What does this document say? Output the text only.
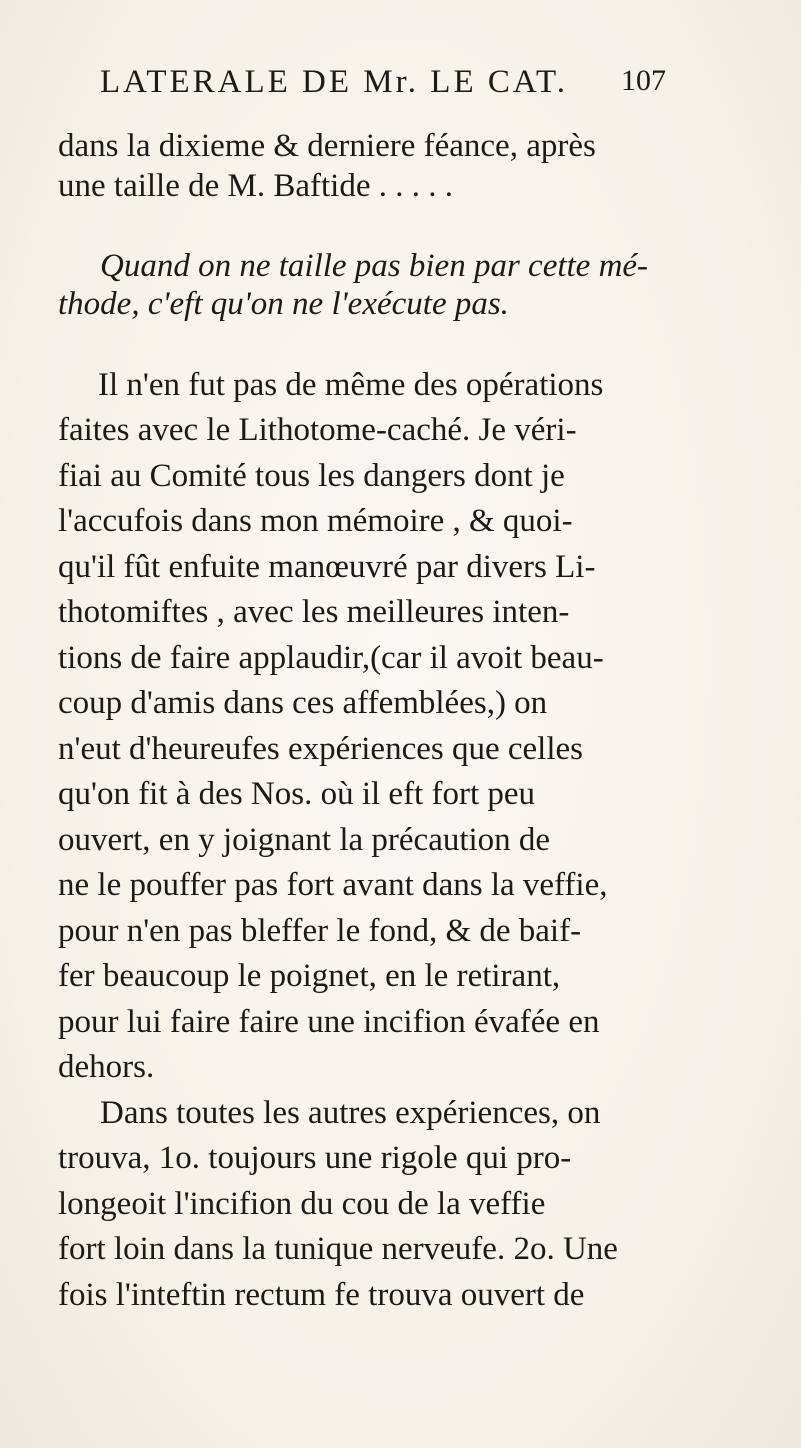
LATERALE DE Mr. LE CAT. 107
dans la dixieme & derniere féance, après
une taille de M. Baftide . . . . .
Quand on ne taille pas bien par cette mé-
thode, c'eft qu'on ne l'exécute pas.
Il n'en fut pas de même des opérations
faites avec le Lithotome-caché. Je véri-
fiai au Comité tous les dangers dont je
l'accufois dans mon mémoire , & quoi-
qu'il fût enfuite manœuvré par divers Li-
thotomiftes , avec les meilleures inten-
tions de faire applaudir,(car il avoit beau-
coup d'amis dans ces affemblées,) on
n'eut d'heureufes expériences que celles
qu'on fit à des Nos. où il eft fort peu
ouvert, en y joignant la précaution de
ne le pouffer pas fort avant dans la veffie,
pour n'en pas bleffer le fond, & de baif-
fer beaucoup le poignet, en le retirant,
pour lui faire faire une incifion évafée en
dehors.
Dans toutes les autres expériences, on
trouva, 1o. toujours une rigole qui pro-
longeoit l'incifion du cou de la veffie
fort loin dans la tunique nerveufe. 2o. Une
fois l'inteftin rectum fe trouva ouvert de
